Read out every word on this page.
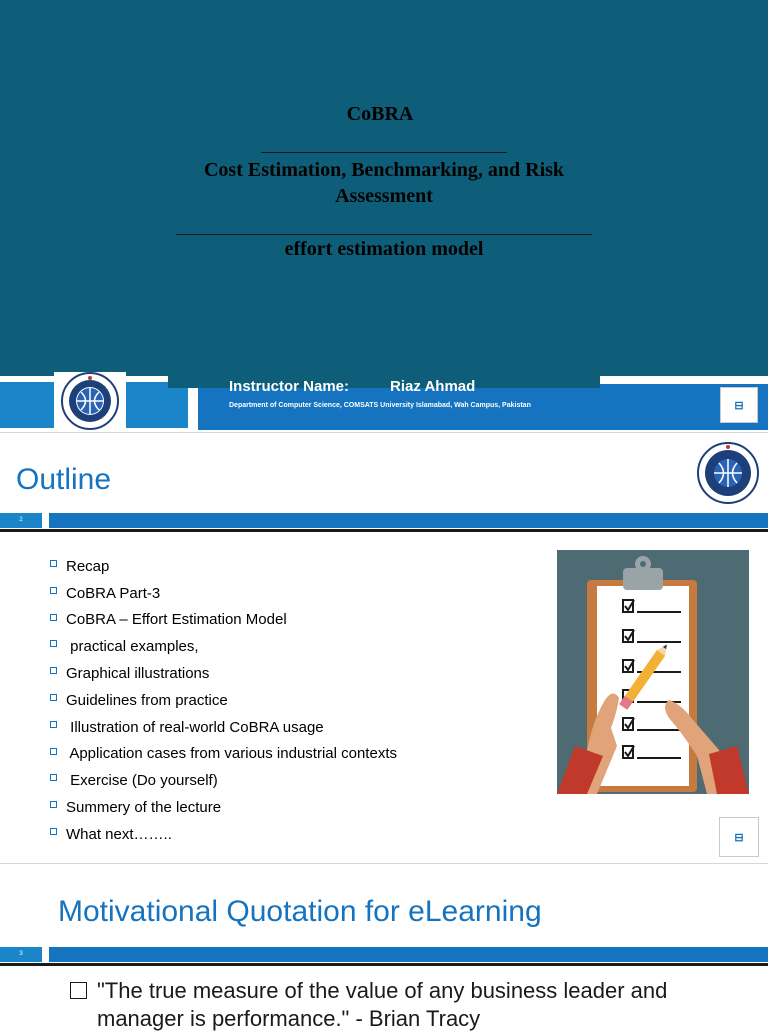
CoBRA
Cost Estimation, Benchmarking, and Risk Assessment
effort estimation model
Instructor Name:	Riaz Ahmad
Department of Computer Science, COMSATS University Islamabad, Wah Campus, Pakistan	⊟
Outline
2
Recap
CoBRA Part-3
CoBRA – Effort Estimation Model
practical examples,
Graphical illustrations
Guidelines from practice
Illustration of real-world CoBRA usage
Application cases from various industrial contexts
Exercise (Do yourself)
Summery of the lecture
What next……..	⊟
Motivational Quotation for eLearning
3
"The true measure of the value of any business leader and manager is performance." - Brian Tracy
